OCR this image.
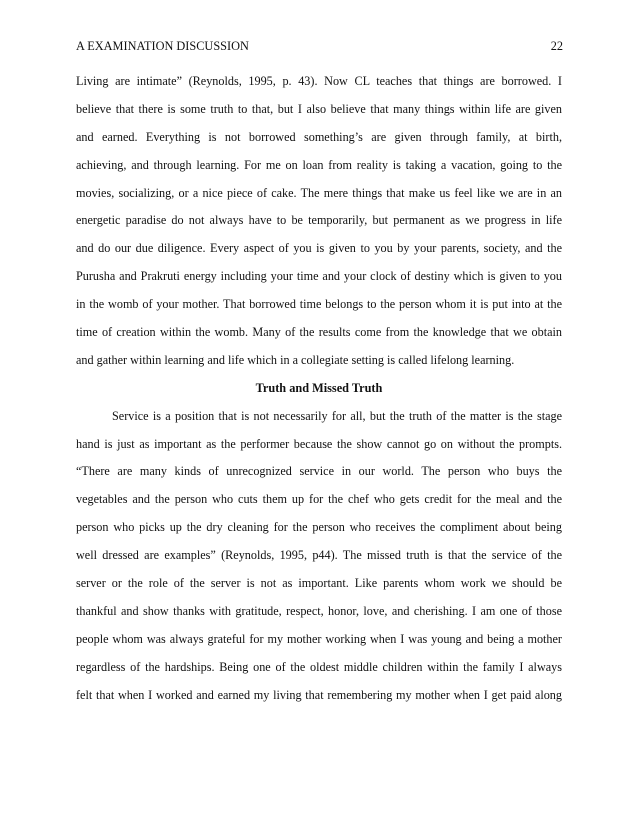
A EXAMINATION DISCUSSION	22
Living are intimate” (Reynolds, 1995, p. 43). Now CL teaches that things are borrowed. I
believe that there is some truth to that, but I also believe that many things within life are given
and earned. Everything is not borrowed something’s are given through family, at birth,
achieving, and through learning. For me on loan from reality is taking a vacation, going to the
movies, socializing, or a nice piece of cake. The mere things that make us feel like we are in an
energetic paradise do not always have to be temporarily, but permanent as we progress in life
and do our due diligence. Every aspect of you is given to you by your parents, society, and the
Purusha and Prakruti energy including your time and your clock of destiny which is given to you
in the womb of your mother. That borrowed time belongs to the person whom it is put into at the
time of creation within the womb. Many of the results come from the knowledge that we obtain
and gather within learning and life which in a collegiate setting is called lifelong learning.
Truth and Missed Truth
Service is a position that is not necessarily for all, but the truth of the matter is the stage
hand is just as important as the performer because the show cannot go on without the prompts.
“There are many kinds of unrecognized service in our world. The person who buys the
vegetables and the person who cuts them up for the chef who gets credit for the meal and the
person who picks up the dry cleaning for the person who receives the compliment about being
well dressed are examples” (Reynolds, 1995, p44). The missed truth is that the service of the
server or the role of the server is not as important. Like parents whom work we should be
thankful and show thanks with gratitude, respect, honor, love, and cherishing. I am one of those
people whom was always grateful for my mother working when I was young and being a mother
regardless of the hardships. Being one of the oldest middle children within the family I always
felt that when I worked and earned my living that remembering my mother when I get paid along
